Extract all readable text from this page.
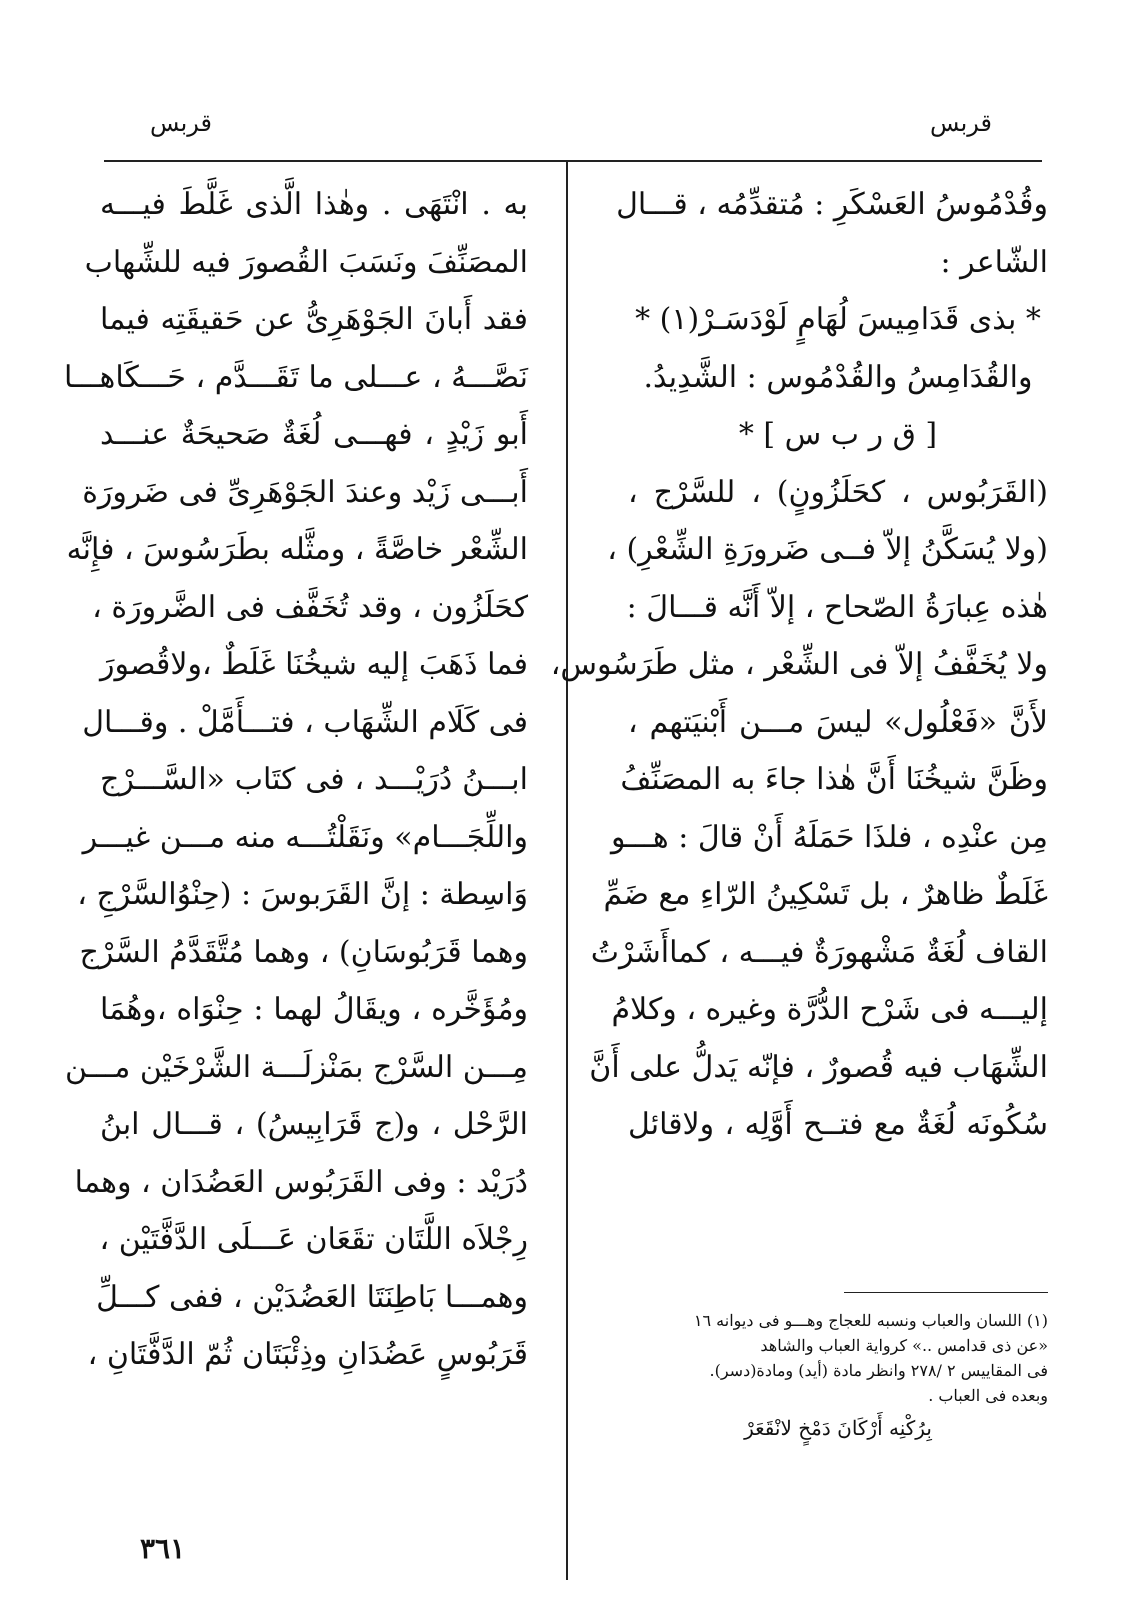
قربس
قربس
وقُدْمُوسُ العَسْكَرِ : مُتقدِّمُه ، قـــال
الشّاعر :
* بذى قَدَامِيسَ لُهَامٍ لَوْدَسَـرْ(١) *
والقُدَامِسُ والقُدْمُوس : الشَّدِيدُ.
[ ق ر ب س ] *
(القَرَبُوس ، كحَلَزُونٍ) ، للسَّرْج ،
(ولا يُسَكَّنُ إلاّ فــى ضَرورَةِ الشِّعْرِ) ،
هٰذه عِبارَةُ الصّحاح ، إلاّ أَنَّه قـــالَ :
ولا يُخَفَّفُ إلاّ فى الشِّعْر ، مثل طَرَسُوس،
لأَنَّ «فَعْلُول» ليسَ مـــن أَبْنيَتهم ،
وظَنَّ شيخُنَا أَنَّ هٰذا جاءَ به المصَنِّفُ
مِن عنْدِه ، فلذَا حَمَلَهُ أَنْ قالَ : هـــو
غَلَطٌ ظاهرٌ ، بل تَسْكِينُ الرّاءِ مع ضَمِّ
القاف لُغَةٌ مَشْهورَةٌ فيـــه ، كماأَشَرْتُ
إليـــه فى شَرْح الدُّرَّة وغيره ، وكلامُ
الشِّهَاب فيه قُصورٌ ، فإنّه يَدلُّ على أَنَّ
سُكُونَه لُغَةٌ مع فتــح أَوَّلِه ، ولاقائل
به . انْتَهَى . وهٰذا الَّذى غَلَّطَ فيـــه
المصَنِّفَ ونَسَبَ القُصورَ فيه للشِّهاب
فقد أَبانَ الجَوْهَرِىُّ عن حَقيقَتِه فيما
نَصَّـــهُ ، عـــلى ما تَقَـــدَّم ، حَـــكَاهـــا
أَبو زَيْدٍ ، فهـــى لُغَةٌ صَحيحَةٌ عنـــد
أَبـــى زَيْد وعندَ الجَوْهَرِىِّ فى ضَرورَة
الشِّعْر خاصَّةً ، ومثَّله بطَرَسُوسَ ، فإِنَّه
كحَلَزُون ، وقد تُخَفَّف فى الضَّرورَة ،
فما ذَهَبَ إليه شيخُنَا غَلَطٌ ،ولاقُصورَ
فى كَلَام الشِّهَاب ، فتـــأَمَّلْ . وقـــال
ابـــنُ دُرَيْـــد ، فى كتَاب «السَّـــرْج
واللِّجَـــام» ونَقَلْتُـــه منه مـــن غيـــر
وَاسِطة : إنَّ القَرَبوسَ : (حِنْوُالسَّرْجِ ،
وهما قَرَبُوسَانِ) ، وهما مُتَّقَدَّمُ السَّرْج
ومُؤَخَّره ، ويقَالُ لهما : حِنْوَاه ،وهُمَا
مِـــن السَّرْج بمَنْزلَـــة الشَّرْخَيْن مـــن
الرَّحْل ، و(ج قَرَابِيسُ) ، قـــال ابنُ
دُرَيْد : وفى القَرَبُوس العَضُدَان ، وهما
رِجْلاَه اللَّتَان تقَعَان عَـــلَى الدَّفَّتَيْن ،
وهمـــا بَاطِنَتَا العَضُدَيْن ، ففى كـــلِّ
قَرَبُوسٍ عَضُدَانِ وذِئْبَتَان ثُمّ الدَّفَّتَانِ ،
(١) اللسان والعباب ونسبه للعجاج وهـــو فى ديوانه ١٦
«عن ذى قدامس ..» كرواية العباب والشاهد
فى المقاييس ٢ /٢٧٨ وانظر مادة (أيد) ومادة(دسر).
وبعده فى العباب .
بِرُكْنِه أَرْكَانَ دَمْخٍ لانْقَعَرْ
٣٦١
